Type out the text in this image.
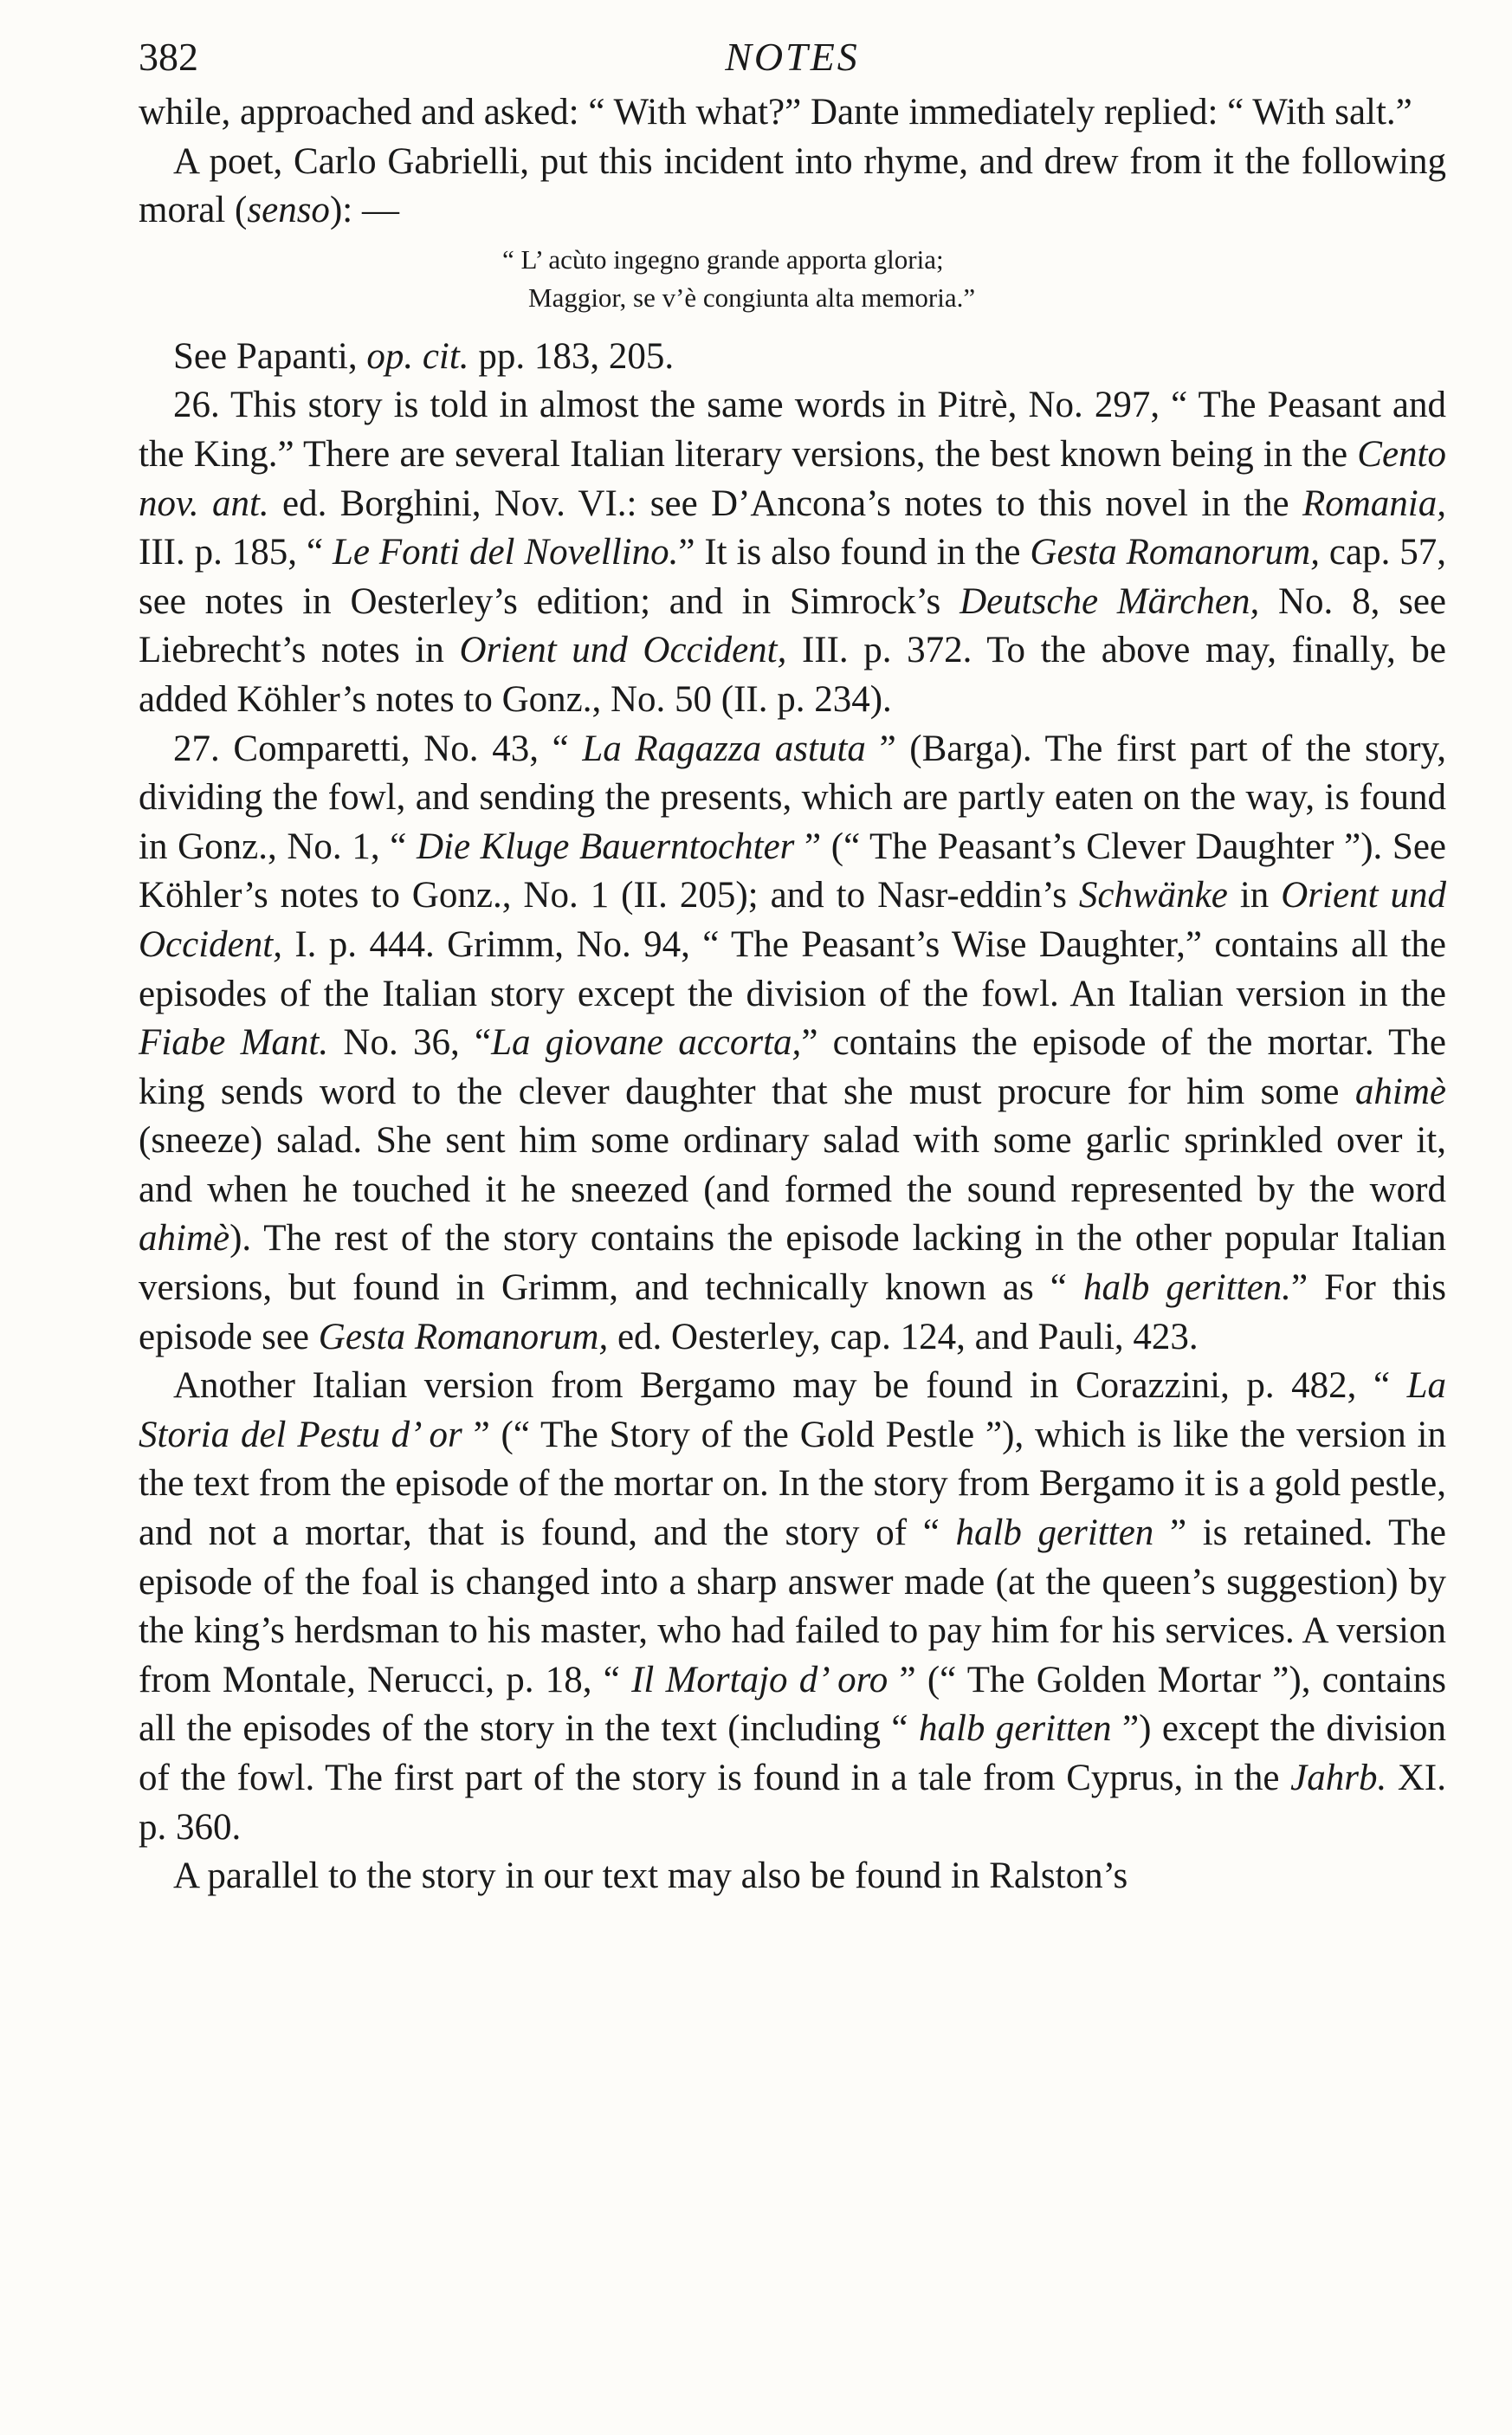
382	NOTES

while, approached and asked: “ With what?” Dante immediately replied: “ With salt.”

A poet, Carlo Gabrielli, put this incident into rhyme, and drew from it the following moral (senso): —

“ L’ acùto ingegno grande apporta gloria;
Maggior, se v’è congiunta alta memoria.”

See Papanti, op. cit. pp. 183, 205.

26. This story is told in almost the same words in Pitrè, No. 297, “ The Peasant and the King.” There are several Italian literary versions, the best known being in the Cento nov. ant. ed. Borghini, Nov. VI.: see D’Ancona’s notes to this novel in the Romania, III. p. 185, “ Le Fonti del Novellino.” It is also found in the Gesta Romanorum, cap. 57, see notes in Oesterley’s edition; and in Simrock’s Deutsche Märchen, No. 8, see Liebrecht’s notes in Orient und Occident, III. p. 372. To the above may, finally, be added Köhler’s notes to Gonz., No. 50 (II. p. 234).

27. Comparetti, No. 43, “ La Ragazza astuta ” (Barga). The first part of the story, dividing the fowl, and sending the presents, which are partly eaten on the way, is found in Gonz., No. 1, “ Die Kluge Bauerntochter ” (“ The Peasant’s Clever Daughter ”). See Köhler’s notes to Gonz., No. 1 (II. 205); and to Nasr-eddin’s Schwänke in Orient und Occident, I. p. 444. Grimm, No. 94, “ The Peasant’s Wise Daughter,” contains all the episodes of the Italian story except the division of the fowl. An Italian version in the Fiabe Mant. No. 36, “La giovane accorta,” contains the episode of the mortar. The king sends word to the clever daughter that she must procure for him some ahimè (sneeze) salad. She sent him some ordinary salad with some garlic sprinkled over it, and when he touched it he sneezed (and formed the sound represented by the word ahimè). The rest of the story contains the episode lacking in the other popular Italian versions, but found in Grimm, and technically known as “ halb geritten.” For this episode see Gesta Romanorum, ed. Oesterley, cap. 124, and Pauli, 423.

Another Italian version from Bergamo may be found in Corazzini, p. 482, “ La Storia del Pestu d’ or ” (“ The Story of the Gold Pestle ”), which is like the version in the text from the episode of the mortar on. In the story from Bergamo it is a gold pestle, and not a mortar, that is found, and the story of “ halb geritten ” is retained. The episode of the foal is changed into a sharp answer made (at the queen’s suggestion) by the king’s herdsman to his master, who had failed to pay him for his services. A version from Montale, Nerucci, p. 18, “ Il Mortajo d’ oro ” (“ The Golden Mortar ”), contains all the episodes of the story in the text (including “ halb geritten ”) except the division of the fowl. The first part of the story is found in a tale from Cyprus, in the Jahrb. XI. p. 360.

A parallel to the story in our text may also be found in Ralston’s
